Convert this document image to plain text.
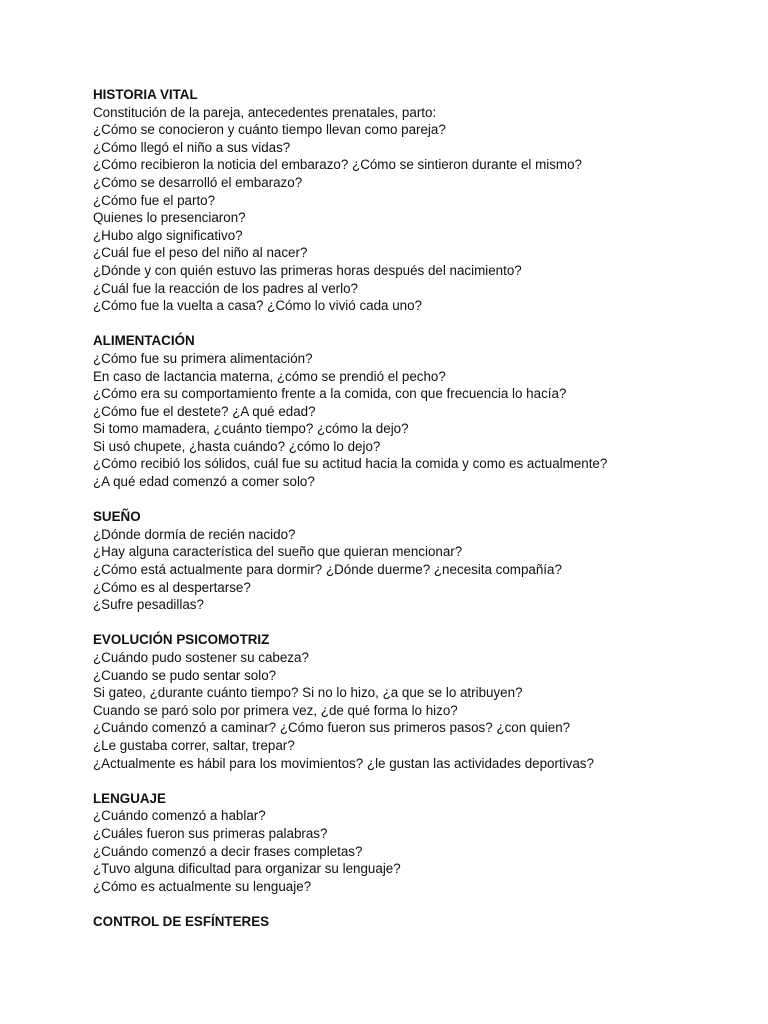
HISTORIA VITAL

Constitución de la pareja, antecedentes prenatales, parto:

¿Cómo se conocieron y cuánto tiempo llevan como pareja?

¿Cómo llegó el niño a sus vidas?

¿Cómo recibieron la noticia del embarazo? ¿Cómo se sintieron durante el mismo?

¿Cómo se desarrolló el embarazo?

¿Cómo fue el parto?

Quienes lo presenciaron?

¿Hubo algo significativo?

¿Cuál fue el peso del niño al nacer?

¿Dónde y con quién estuvo las primeras horas después del nacimiento?

¿Cuál fue la reacción de los padres al verlo?

¿Cómo fue la vuelta a casa? ¿Cómo lo vivió cada uno?

ALIMENTACIÓN

¿Cómo fue su primera alimentación?

En caso de lactancia materna, ¿cómo se prendió el pecho?

¿Cómo era su comportamiento frente a la comida, con que frecuencia lo hacía?

¿Cómo fue el destete? ¿A qué edad?

Si tomo mamadera, ¿cuánto tiempo? ¿cómo la dejo?

Si usó chupete, ¿hasta cuándo? ¿cómo lo dejo?

¿Cómo recibió los sólidos, cuál fue su actitud hacia la comida y como es actualmente?

¿A qué edad comenzó a comer solo?

SUEÑO

¿Dónde dormía de recién nacido?

¿Hay alguna característica del sueño que quieran mencionar?

¿Cómo está actualmente para dormir? ¿Dónde duerme? ¿necesita compañía?

¿Cómo es al despertarse?

¿Sufre pesadillas?

EVOLUCIÓN PSICOMOTRIZ

¿Cuándo pudo sostener su cabeza?

¿Cuando se pudo sentar solo?

Si gateo, ¿durante cuánto tiempo? Si no lo hizo, ¿a que se lo atribuyen?

Cuando se paró solo por primera vez, ¿de qué forma lo hizo?

¿Cuándo comenzó a caminar? ¿Cómo fueron sus primeros pasos? ¿con quien?

¿Le gustaba correr, saltar, trepar?

¿Actualmente es hábil para los movimientos? ¿le gustan las actividades deportivas?

LENGUAJE

¿Cuándo comenzó a hablar?

¿Cuáles fueron sus primeras palabras?

¿Cuándo comenzó a decir frases completas?

¿Tuvo alguna dificultad para organizar su lenguaje?

¿Cómo es actualmente su lenguaje?

CONTROL DE ESFÍNTERES
